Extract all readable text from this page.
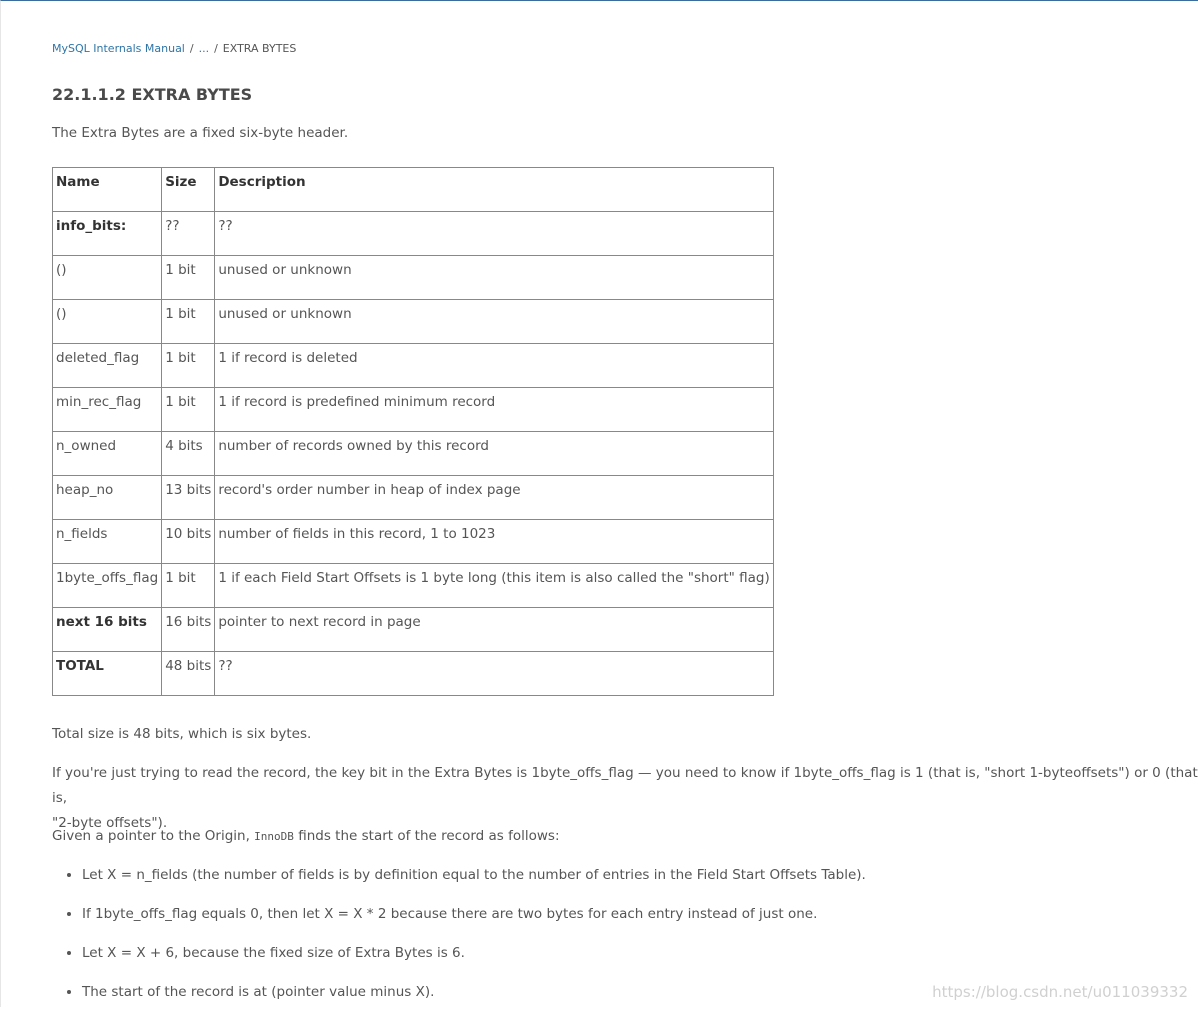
MySQL Internals Manual / ... / EXTRA BYTES
22.1.1.2 EXTRA BYTES

The Extra Bytes are a fixed six-byte header.

Name	Size	Description
info_bits:	??	??
()	1 bit	unused or unknown
()	1 bit	unused or unknown
deleted_flag	1 bit	1 if record is deleted
min_rec_flag	1 bit	1 if record is predefined minimum record
n_owned	4 bits	number of records owned by this record
heap_no	13 bits	record's order number in heap of index page
n_fields	10 bits	number of fields in this record, 1 to 1023
1byte_offs_flag	1 bit	1 if each Field Start Offsets is 1 byte long (this item is also called the "short" flag)
next 16 bits	16 bits	pointer to next record in page
TOTAL	48 bits	??

Total size is 48 bits, which is six bytes.

If you're just trying to read the record, the key bit in the Extra Bytes is 1byte_offs_flag — you need to know if 1byte_offs_flag is 1 (that is, "short 1-byteoffsets") or 0 (that is,
"2-byte offsets").

Given a pointer to the Origin, InnoDB finds the start of the record as follows:

• Let X = n_fields (the number of fields is by definition equal to the number of entries in the Field Start Offsets Table).
• If 1byte_offs_flag equals 0, then let X = X * 2 because there are two bytes for each entry instead of just one.
• Let X = X + 6, because the fixed size of Extra Bytes is 6.
• The start of the record is at (pointer value minus X).	https://blog.csdn.net/u011039332
